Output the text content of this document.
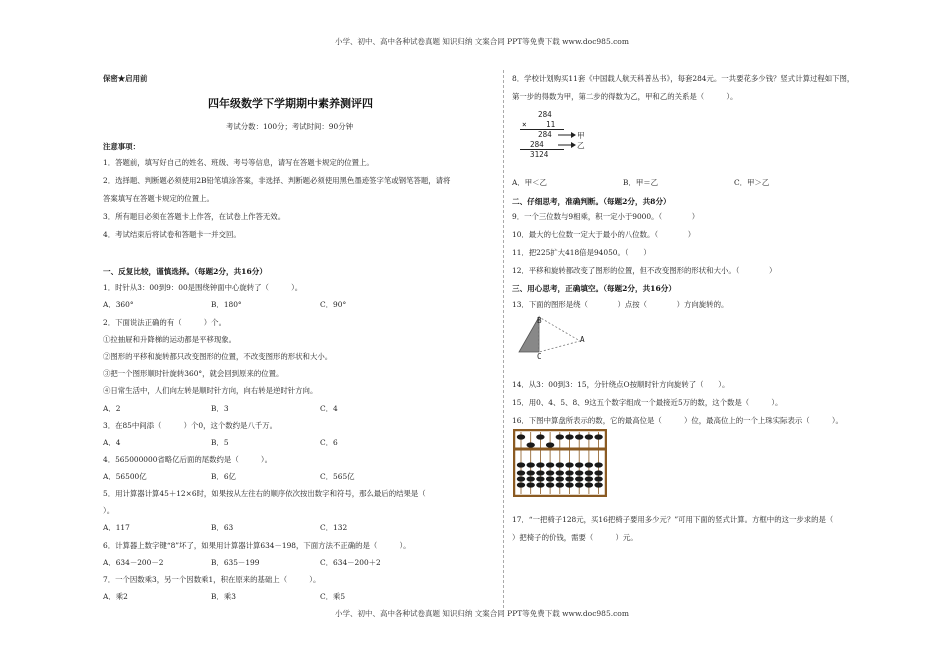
小学、初中、高中各种试卷真题 知识归纳 文案合同 PPT等免费下载 www.doc985.com
小学、初中、高中各种试卷真题 知识归纳 文案合同 PPT等免费下载 www.doc985.com
保密★启用前
四年级数学下学期期中素养测评四
考试分数：100分；考试时间：90分钟
注意事项：
1．答题前，填写好自己的姓名、班级、考号等信息，请写在答题卡规定的位置上。
2．选择题、判断题必须使用2B铅笔填涂答案，非选择、判断题必须使用黑色墨迹签字笔或钢笔答题，请将
答案填写在答题卡规定的位置上。
3．所有题目必须在答题卡上作答，在试卷上作答无效。
4．考试结束后将试卷和答题卡一并交回。
一、反复比较，谨慎选择。（每题2分，共16分）
1．时针从3：00到9：00是围绕钟面中心旋转了（　　　）。
A．360°	B．180°	C．90°
2．下面说法正确的有（　　　）个。
①拉抽屉和升降梯的运动都是平移现象。
②图形的平移和旋转都只改变图形的位置，不改变图形的形状和大小。
③把一个图形顺时针旋转360°，就会回到原来的位置。
④日常生活中，人们向左转是顺时针方向，向右转是逆时针方向。
A．2	B．3	C．4
3．在85中间添（　　　）个0，这个数约是八千万。
A．4	B．5	C．6
4．565000000省略亿后面的尾数约是（　　　）。
A．56500亿	B．6亿	C．565亿
5．用计算器计算45＋12×6时，如果按从左往右的顺序依次按出数字和符号，那么最后的结果是（
）。
A．117	B．63	C．132
6．计算器上数字键“8”坏了，如果用计算器计算634－198，下面方法不正确的是（　　　）。
A．634－200－2	B．635－199	C．634－200＋2
7．一个因数乘3，另一个因数乘1，积在原来的基础上（　　　）。
A．乘2	B．乘3	C．乘5
8．学校计划购买11套《中国载人航天科普丛书》，每套284元。一共要花多少钱？竖式计算过程如下图，
第一步的得数为甲，第二步的得数为乙，甲和乙的关系是（　　　）。
284
×	11
284	甲
284	乙
3124
A．甲＜乙	B．甲＝乙	C．甲＞乙
二、仔细思考，准确判断。（每题2分，共8分）
9．一个三位数与9相乘，积一定小于9000。（　　　　）
10．最大的七位数一定大于最小的八位数。（　　　　）
11．把225扩大418倍是94050。（　　）
12．平移和旋转都改变了图形的位置，但不改变图形的形状和大小。（　　　　）
三、用心思考，正确填空。（每题2分，共16分）
13．下面的图形是绕（　　　　）点按（　　　　）方向旋转的。
B
A
C
14．从3：00到3：15，分针绕点O按顺时针方向旋转了（　　）。
15．用0、4、5、8、9这五个数字组成一个最接近5万的数，这个数是（　　　）。
16．下图中算盘所表示的数，它的最高位是（　　　）位，最高位上的一个上珠实际表示（　　　）。
17．“一把椅子128元，买16把椅子要用多少元？”可用下面的竖式计算。方框中的这一步求的是（
）把椅子的价钱，需要（　　　）元。
